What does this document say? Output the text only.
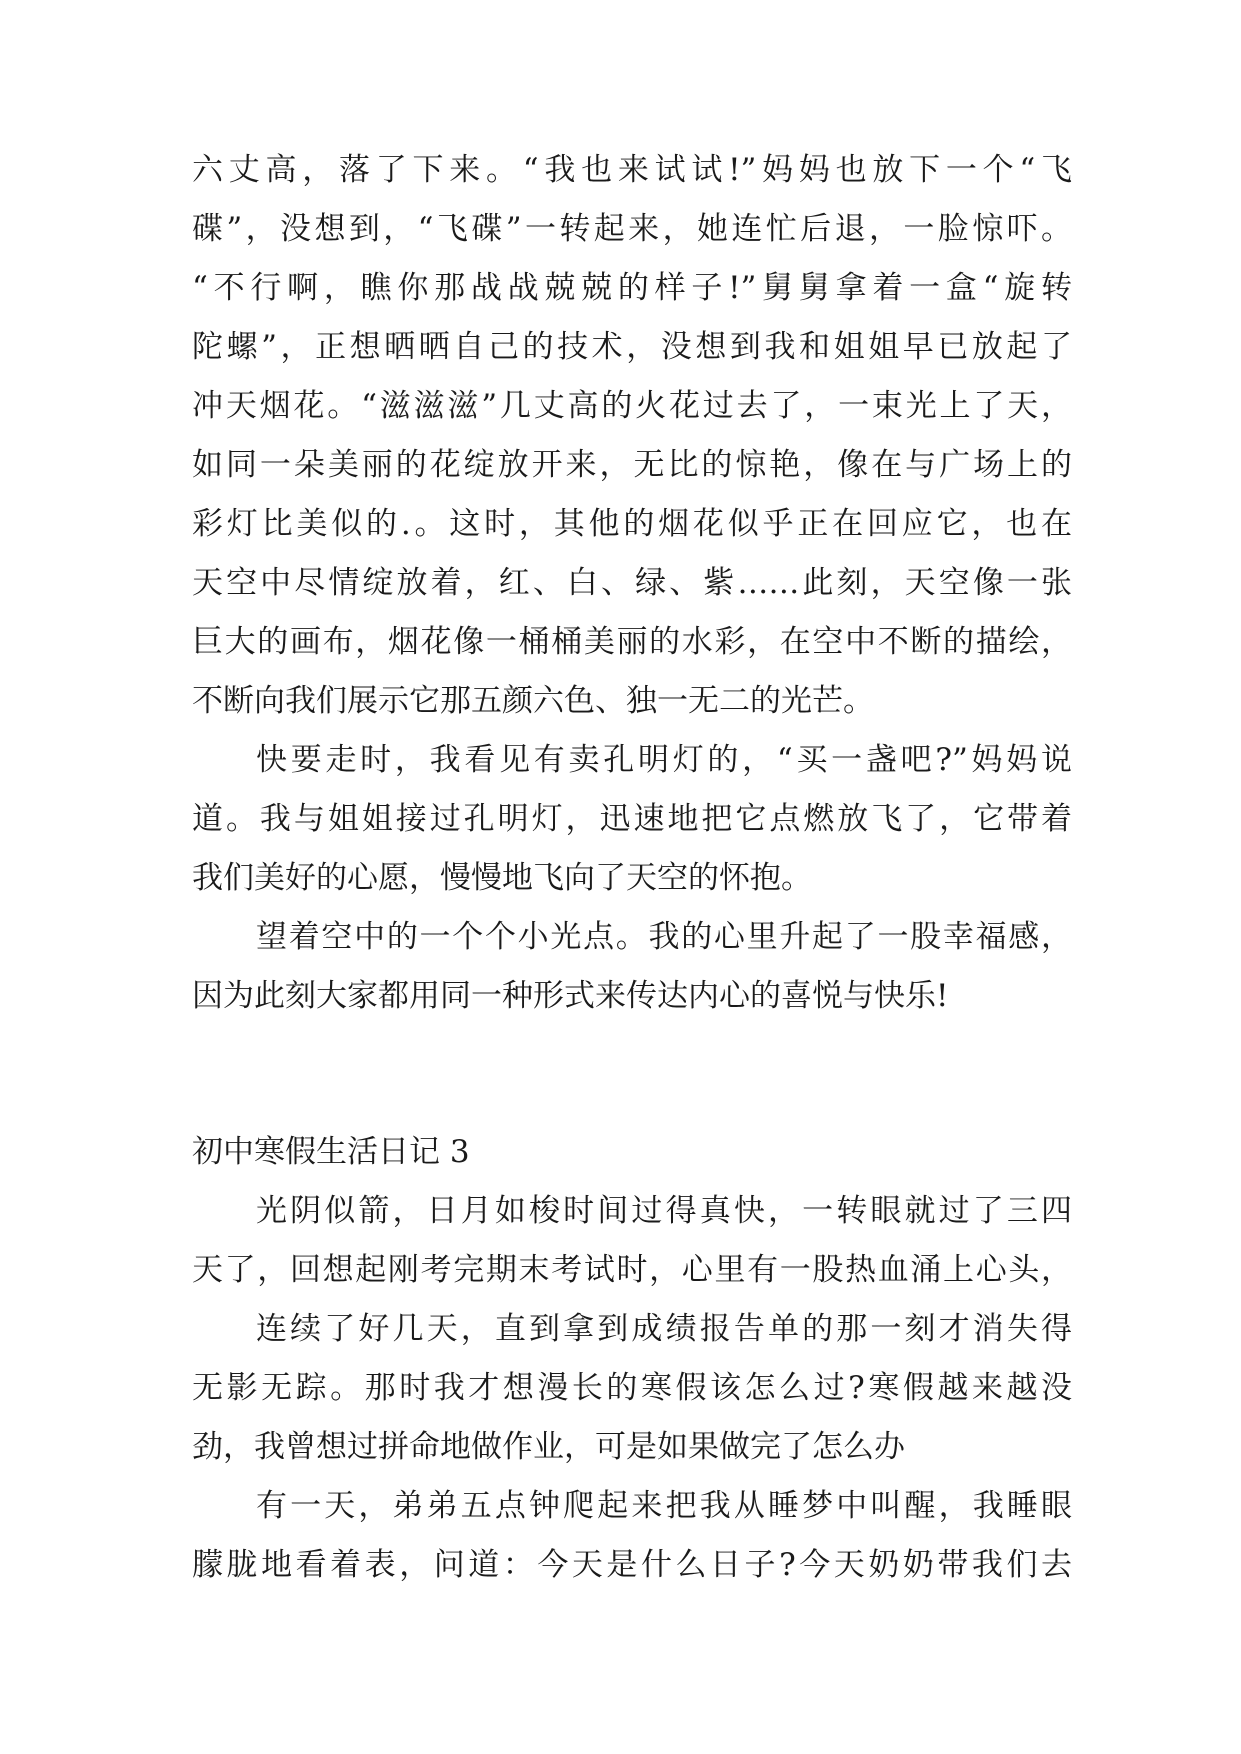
六丈高，落了下来。“我也来试试!”妈妈也放下一个“飞
碟”，没想到，“飞碟”一转起来，她连忙后退，一脸惊吓。
“不行啊，瞧你那战战兢兢的样子!”舅舅拿着一盒“旋转
陀螺”，正想晒晒自己的技术，没想到我和姐姐早已放起了
冲天烟花。“滋滋滋”几丈高的火花过去了，一束光上了天，
如同一朵美丽的花绽放开来，无比的惊艳，像在与广场上的
彩灯比美似的.。这时，其他的烟花似乎正在回应它，也在
天空中尽情绽放着，红、白、绿、紫……此刻，天空像一张
巨大的画布，烟花像一桶桶美丽的水彩，在空中不断的描绘，
不断向我们展示它那五颜六色、独一无二的光芒。
快要走时，我看见有卖孔明灯的，“买一盏吧?”妈妈说
道。我与姐姐接过孔明灯，迅速地把它点燃放飞了，它带着
我们美好的心愿，慢慢地飞向了天空的怀抱。
望着空中的一个个小光点。我的心里升起了一股幸福感，
因为此刻大家都用同一种形式来传达内心的喜悦与快乐!
初中寒假生活日记 3
光阴似箭，日月如梭时间过得真快，一转眼就过了三四
天了，回想起刚考完期末考试时，心里有一股热血涌上心头，
连续了好几天，直到拿到成绩报告单的那一刻才消失得
无影无踪。那时我才想漫长的寒假该怎么过?寒假越来越没
劲，我曾想过拼命地做作业，可是如果做完了怎么办
有一天，弟弟五点钟爬起来把我从睡梦中叫醒，我睡眼
朦胧地看着表，问道：今天是什么日子?今天奶奶带我们去
